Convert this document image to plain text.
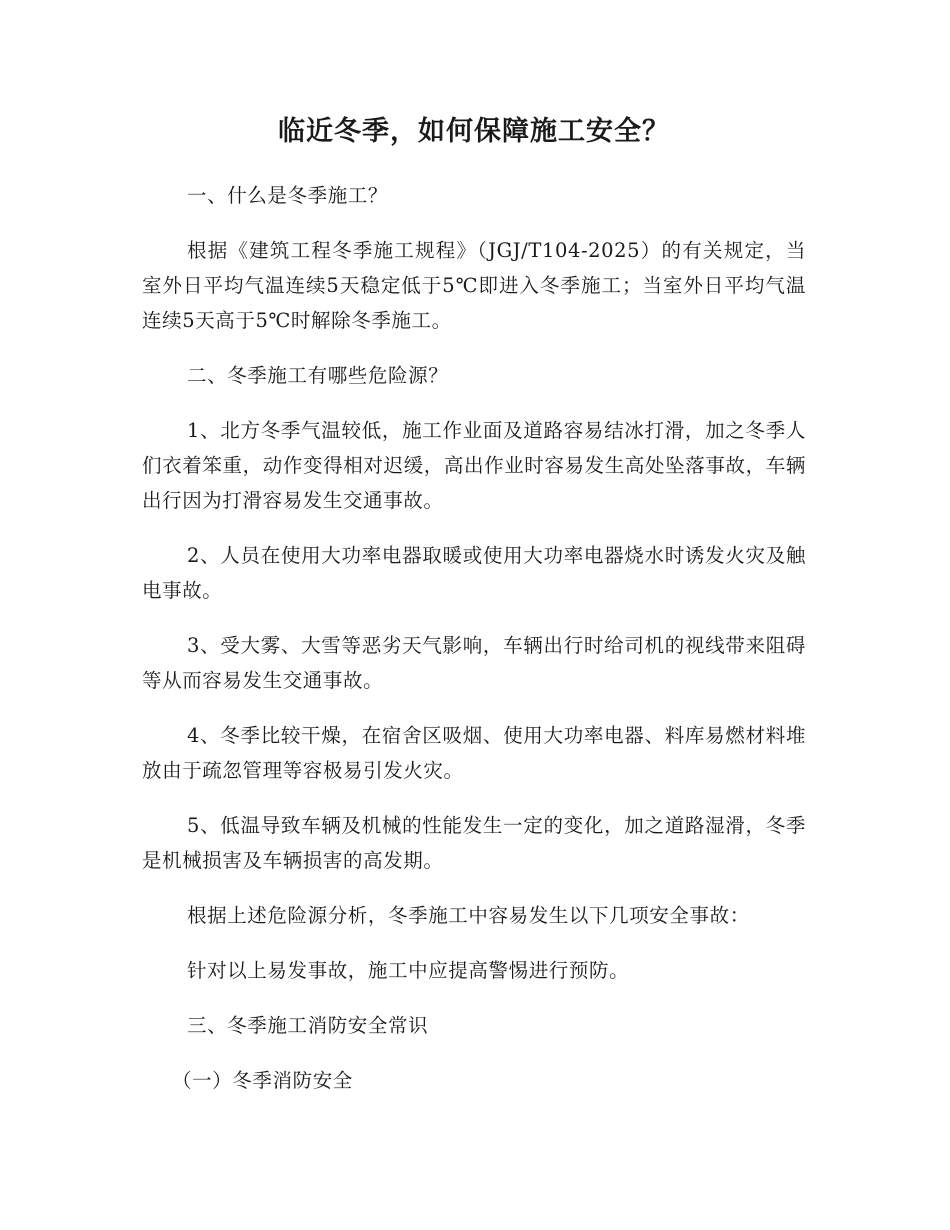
临近冬季，如何保障施工安全？

一、什么是冬季施工？

根据《建筑工程冬季施工规程》（JGJ/T104-2025）的有关规定，当室外日平均气温连续5天稳定低于5℃即进入冬季施工；当室外日平均气温连续5天高于5℃时解除冬季施工。

二、冬季施工有哪些危险源？

1、北方冬季气温较低，施工作业面及道路容易结冰打滑，加之冬季人们衣着笨重，动作变得相对迟缓，高出作业时容易发生高处坠落事故，车辆出行因为打滑容易发生交通事故。

2、人员在使用大功率电器取暖或使用大功率电器烧水时诱发火灾及触电事故。

3、受大雾、大雪等恶劣天气影响，车辆出行时给司机的视线带来阻碍等从而容易发生交通事故。

4、冬季比较干燥，在宿舍区吸烟、使用大功率电器、料库易燃材料堆放由于疏忽管理等容极易引发火灾。

5、低温导致车辆及机械的性能发生一定的变化，加之道路湿滑，冬季是机械损害及车辆损害的高发期。

根据上述危险源分析，冬季施工中容易发生以下几项安全事故：

针对以上易发事故，施工中应提高警惕进行预防。

三、冬季施工消防安全常识

（一）冬季消防安全
